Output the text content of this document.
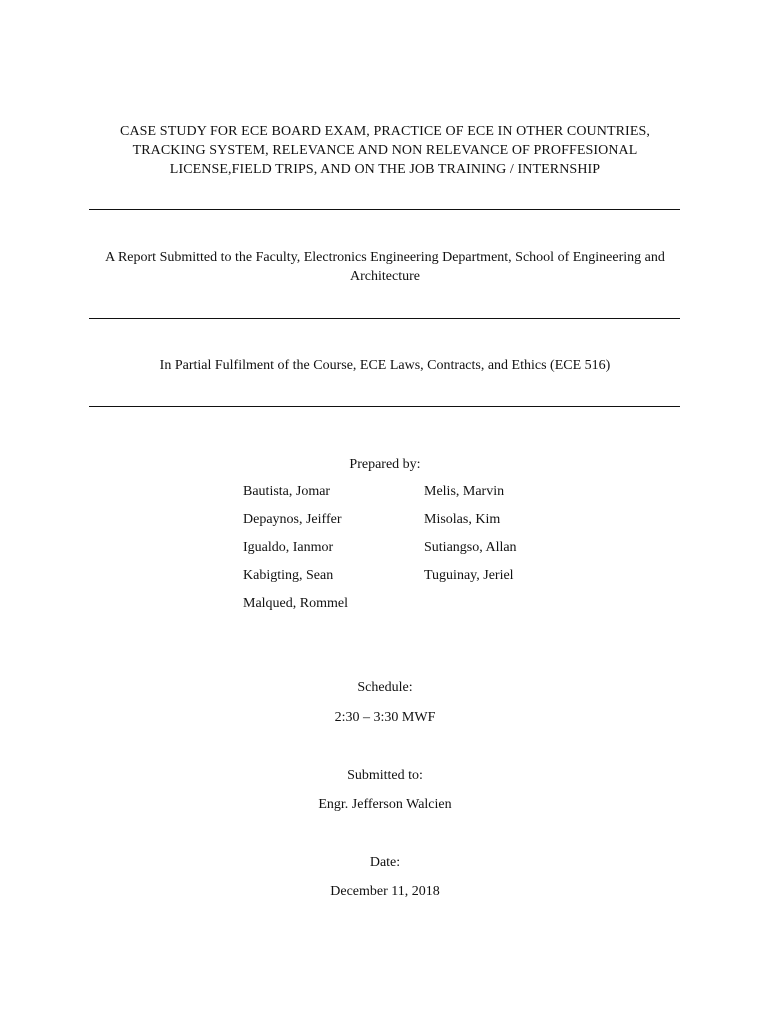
CASE STUDY FOR ECE BOARD EXAM, PRACTICE OF ECE IN OTHER COUNTRIES,
TRACKING SYSTEM, RELEVANCE AND NON RELEVANCE OF PROFFESIONAL
LICENSE,FIELD TRIPS, AND ON THE JOB TRAINING / INTERNSHIP
A Report Submitted to the Faculty, Electronics Engineering Department, School of Engineering and
Architecture
In Partial Fulfilment of the Course, ECE Laws, Contracts, and Ethics (ECE 516)
Prepared by:
Bautista, Jomar
Depaynos, Jeiffer
Igualdo, Ianmor
Kabigting, Sean
Malqued, Rommel
Melis, Marvin
Misolas, Kim
Sutiangso, Allan
Tuguinay, Jeriel
Schedule:
2:30 – 3:30 MWF
Submitted to:
Engr. Jefferson Walcien
Date:
December 11, 2018
